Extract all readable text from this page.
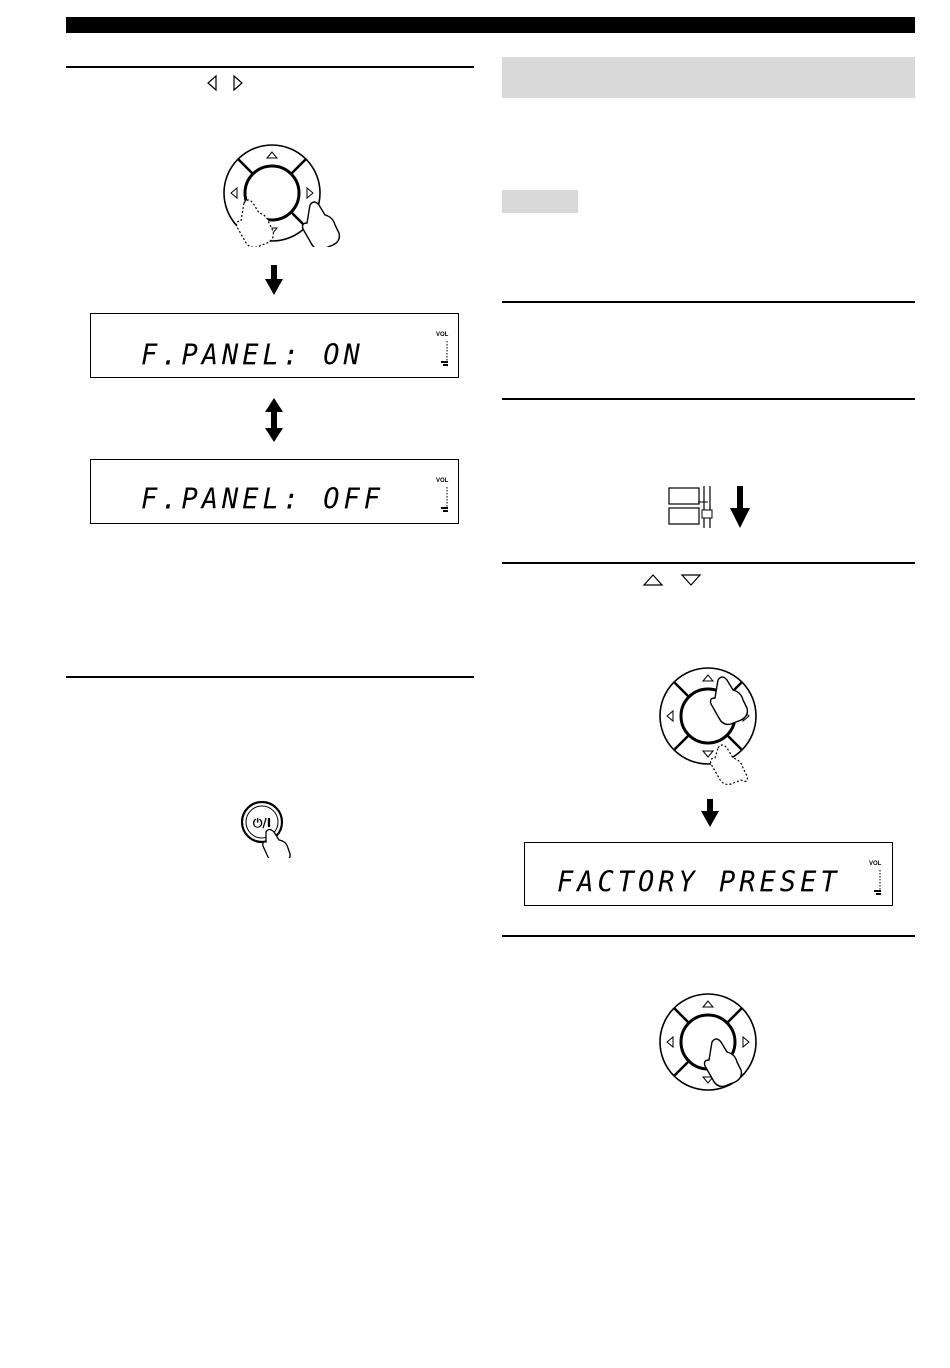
F.PANEL: ON
VOL
F.PANEL: OFF
VOL
⏻/I
FACTORY PRESET
VOL
